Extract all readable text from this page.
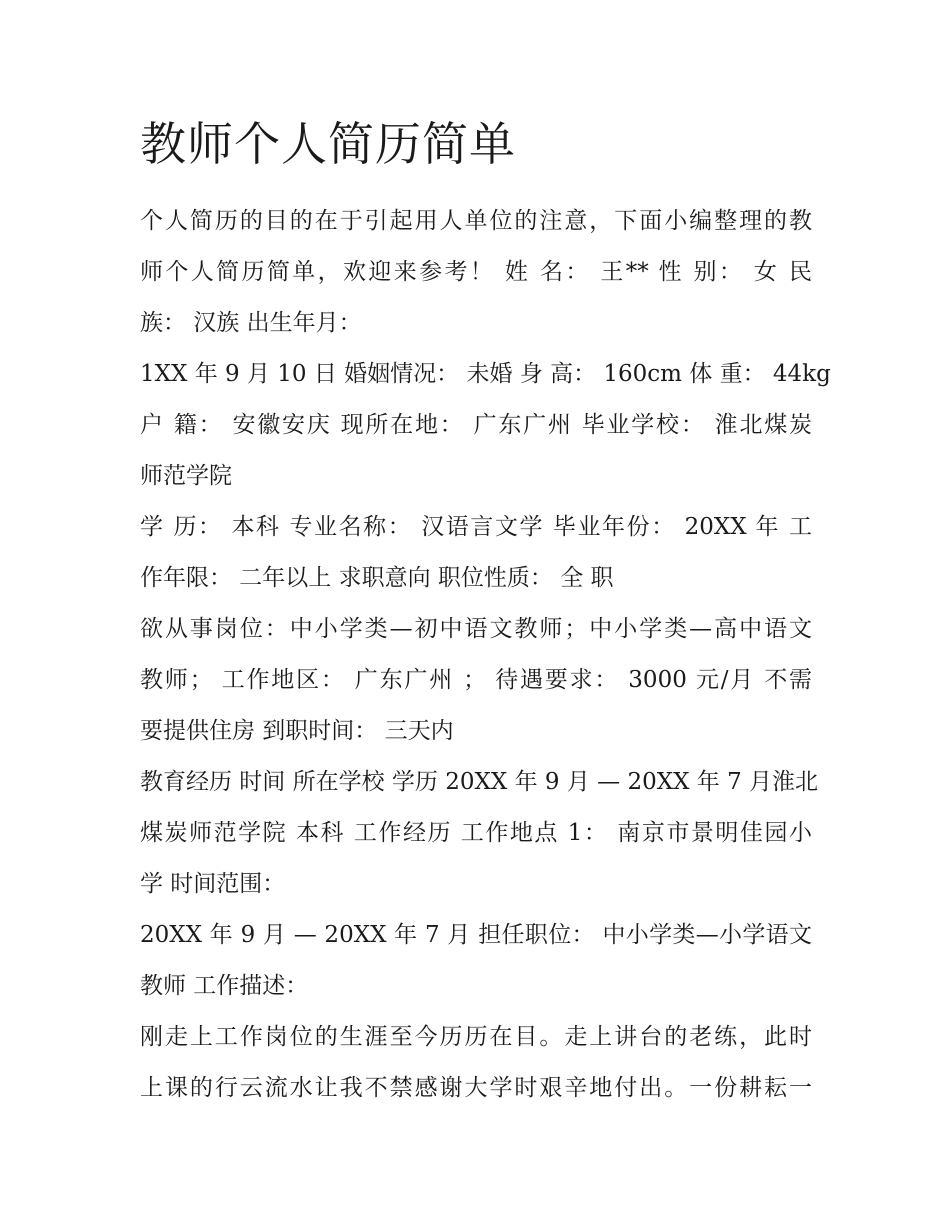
教师个人简历简单
个人简历的目的在于引起用人单位的注意，下面小编整理的教
师个人简历简单，欢迎来参考！ 姓 名： 王** 性 别： 女 民
族： 汉族 出生年月：
1XX 年 9 月 10 日 婚姻情况： 未婚 身 高： 160cm 体 重： 44kg
户 籍： 安徽安庆 现所在地： 广东广州 毕业学校： 淮北煤炭
师范学院
学 历： 本科 专业名称： 汉语言文学 毕业年份： 20XX 年 工
作年限： 二年以上 求职意向 职位性质： 全 职
欲从事岗位：中小学类—初中语文教师；中小学类—高中语文
教师； 工作地区： 广东广州 ； 待遇要求： 3000 元/月 不需
要提供住房 到职时间： 三天内
教育经历 时间 所在学校 学历 20XX 年 9 月 — 20XX 年 7 月淮北
煤炭师范学院 本科 工作经历 工作地点 1： 南京市景明佳园小
学 时间范围：
20XX 年 9 月 — 20XX 年 7 月 担任职位： 中小学类—小学语文
教师 工作描述：
刚走上工作岗位的生涯至今历历在目。走上讲台的老练，此时
上课的行云流水让我不禁感谢大学时艰辛地付出。一份耕耘一
